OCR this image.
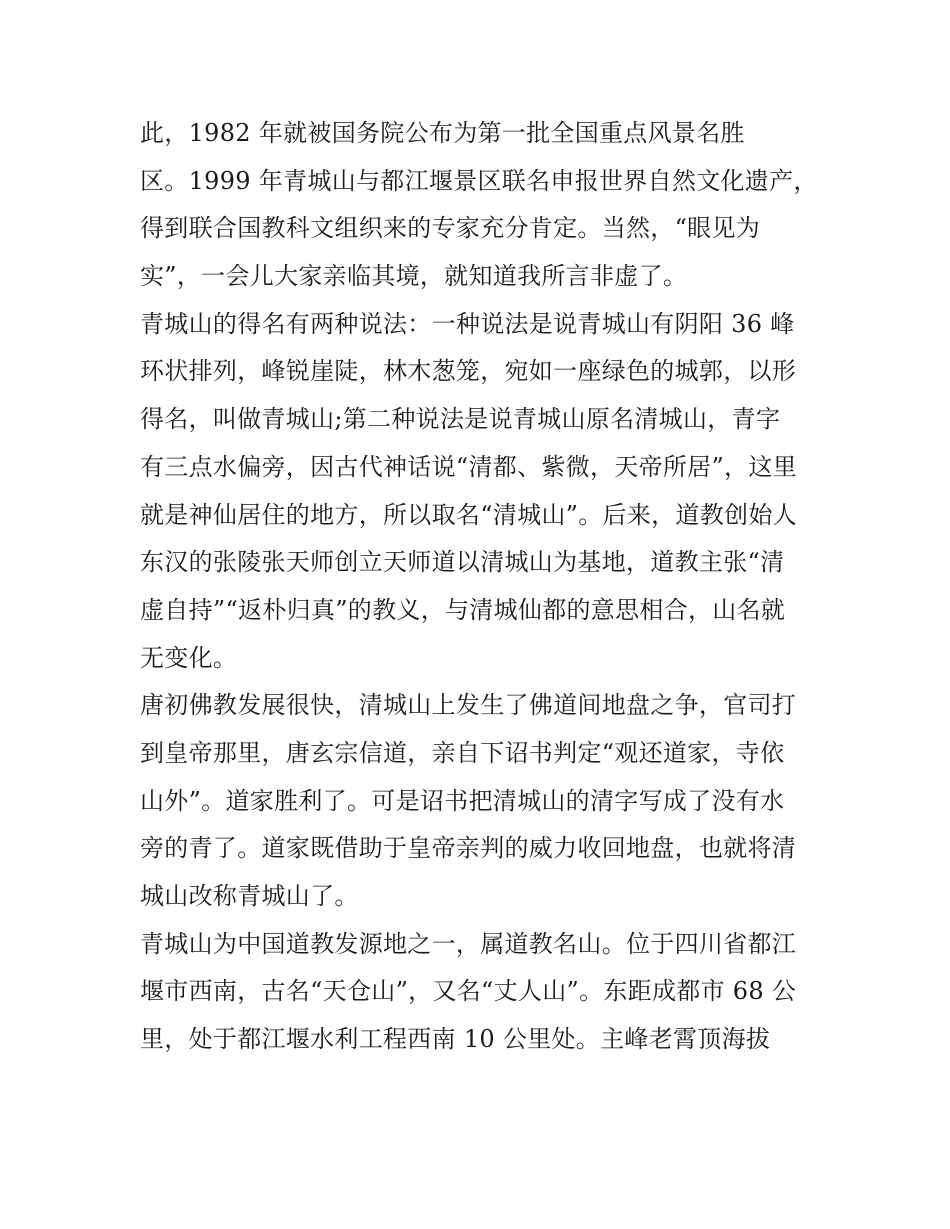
此，1982 年就被国务院公布为第一批全国重点风景名胜
区。1999 年青城山与都江堰景区联名申报世界自然文化遗产，
得到联合国教科文组织来的专家充分肯定。当然，“眼见为
实”，一会儿大家亲临其境，就知道我所言非虚了。
青城山的得名有两种说法：一种说法是说青城山有阴阳 36 峰
环状排列，峰锐崖陡，林木葱笼，宛如一座绿色的城郭，以形
得名，叫做青城山;第二种说法是说青城山原名清城山，青字
有三点水偏旁，因古代神话说“清都、紫微，天帝所居”，这里
就是神仙居住的地方，所以取名“清城山”。后来，道教创始人
东汉的张陵张天师创立天师道以清城山为基地，道教主张“清
虚自持”“返朴归真”的教义，与清城仙都的意思相合，山名就
无变化。
唐初佛教发展很快，清城山上发生了佛道间地盘之争，官司打
到皇帝那里，唐玄宗信道，亲自下诏书判定“观还道家，寺依
山外”。道家胜利了。可是诏书把清城山的清字写成了没有水
旁的青了。道家既借助于皇帝亲判的威力收回地盘，也就将清
城山改称青城山了。
青城山为中国道教发源地之一，属道教名山。位于四川省都江
堰市西南，古名“天仓山”，又名“丈人山”。东距成都市 68 公
里，处于都江堰水利工程西南 10 公里处。主峰老霄顶海拔
